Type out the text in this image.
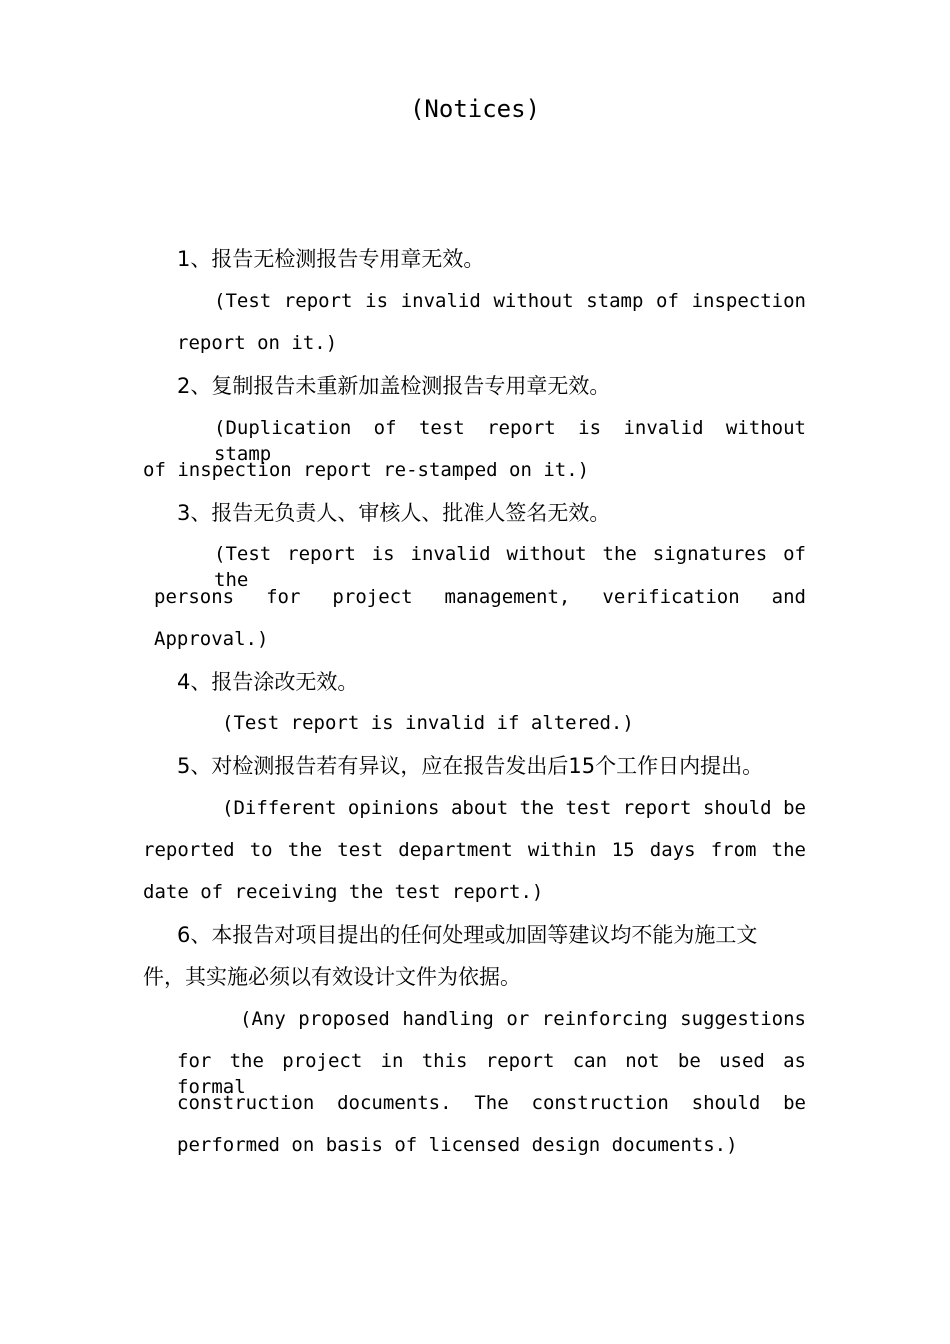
(Notices)
1、报告无检测报告专用章无效。
(Test report is invalid without stamp of inspection
report on it.)
2、复制报告未重新加盖检测报告专用章无效。
(Duplication of test report is invalid without stamp
of inspection report re-stamped on it.)
3、报告无负责人、审核人、批准人签名无效。
(Test report is invalid without the signatures of the
persons for project management, verification and
Approval.)
4、报告涂改无效。
(Test report is invalid if altered.)
5、对检测报告若有异议，应在报告发出后15个工作日内提出。
(Different opinions about the test report should be
reported to the test department within 15 days from the
date of receiving the test report.)
6、本报告对项目提出的任何处理或加固等建议均不能为施工文
件，其实施必须以有效设计文件为依据。
(Any proposed handling or reinforcing suggestions
for the project in this report can not be used as formal
construction documents. The construction should be
performed on basis of licensed design documents.)
